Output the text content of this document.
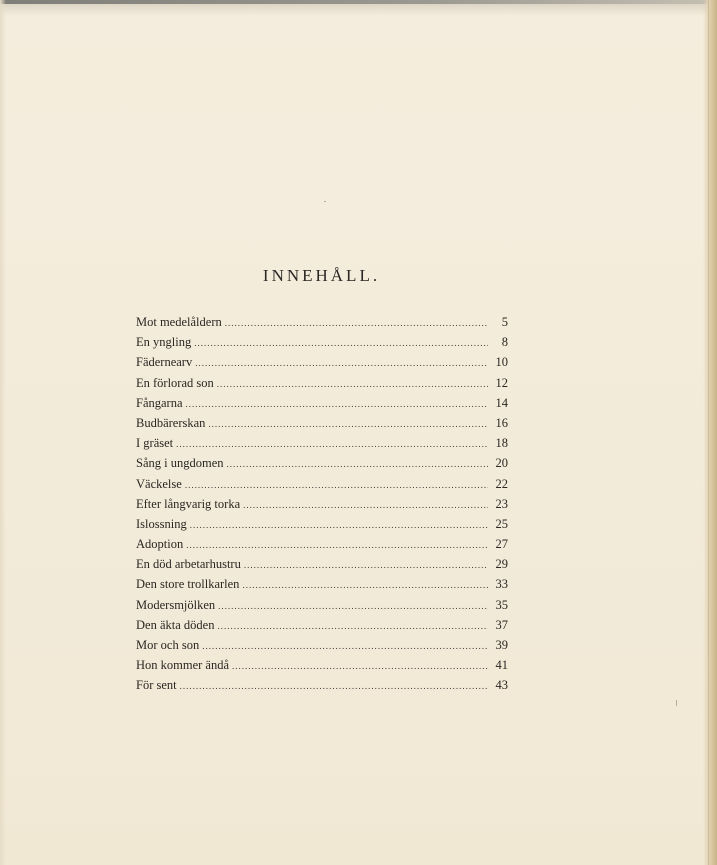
INNEHÅLL.
Mot medelåldern .....	5
En yngling .....	8
Fädernearv .....	10
En förlorad son .....	12
Fångarna .....	14
Budbärerskan .....	16
I gräset .....	18
Sång i ungdomen .....	20
Väckelse .....	22
Efter långvarig torka .....	23
Islossning .....	25
Adoption .....	27
En död arbetarhustru .....	29
Den store trollkarlen .....	33
Modersmjölken .....	35
Den äkta döden .....	37
Mor och son .....	39
Hon kommer ändå .....	41
För sent .....	43
